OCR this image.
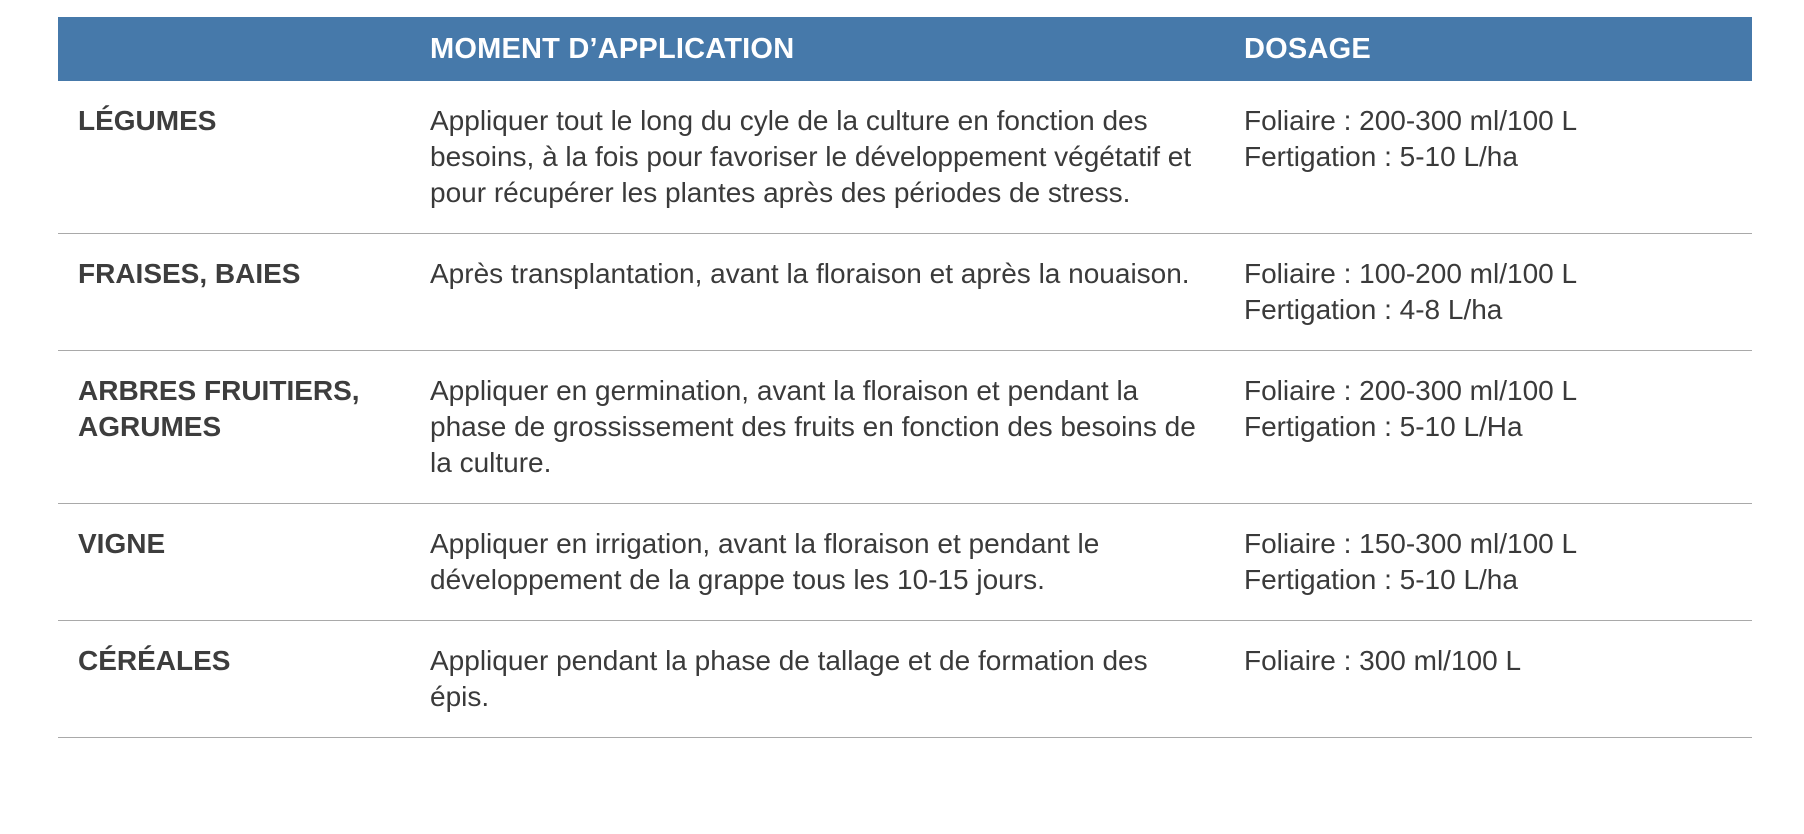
	MOMENT D’APPLICATION	DOSAGE
LÉGUMES	Appliquer tout le long du cyle de la culture en fonction des besoins, à la fois pour favoriser le développement végétatif et pour récupérer les plantes après des périodes de stress.	Foliaire : 200-300 ml/100 L
Fertigation : 5-10 L/ha

FRAISES, BAIES	Après transplantation, avant la floraison et après la nouaison.	Foliaire : 100-200 ml/100 L
Fertigation : 4-8 L/ha

ARBRES FRUITIERS, AGRUMES	Appliquer en germination, avant la floraison et pendant la phase de grossissement des fruits en fonction des besoins de la culture.	Foliaire : 200-300 ml/100 L
Fertigation : 5-10 L/Ha

VIGNE	Appliquer en irrigation, avant la floraison et pendant le développement de la grappe tous les 10-15 jours.	Foliaire : 150-300 ml/100 L
Fertigation : 5-10 L/ha

CÉRÉALES	Appliquer pendant la phase de tallage et de formation des épis.	Foliaire : 300 ml/100 L
